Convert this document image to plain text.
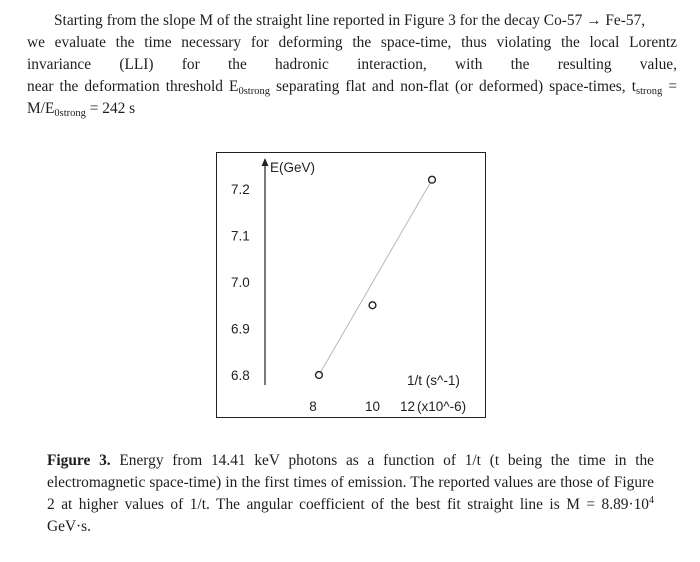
Starting from the slope M of the straight line reported in Figure 3 for the decay Co-57 → Fe-57,
we evaluate the time necessary for deforming the space-time, thus violating the local Lorentz
invariance (LLI) for the hadronic interaction, with the resulting value,
near the deformation threshold $E_{0strong}$ separating flat and non-flat (or deformed) space-times, $t_{strong}$ =
$M/E_{0strong} = 242$ s
E(GeV)
1/t (s^-1)
(x10^-6)
6.8
6.9
7.0
7.1
7.2
8	10 12
Figure 3. Energy from 14.41 keV photons as a function of 1/t (t being the time in the electromagnetic space-time) in the first times of emission. The reported values are those of Figure 2 at higher values of 1/t. The angular coefficient of the best fit straight line is $M = 8.89\cdot 10^4$ GeV·s.
